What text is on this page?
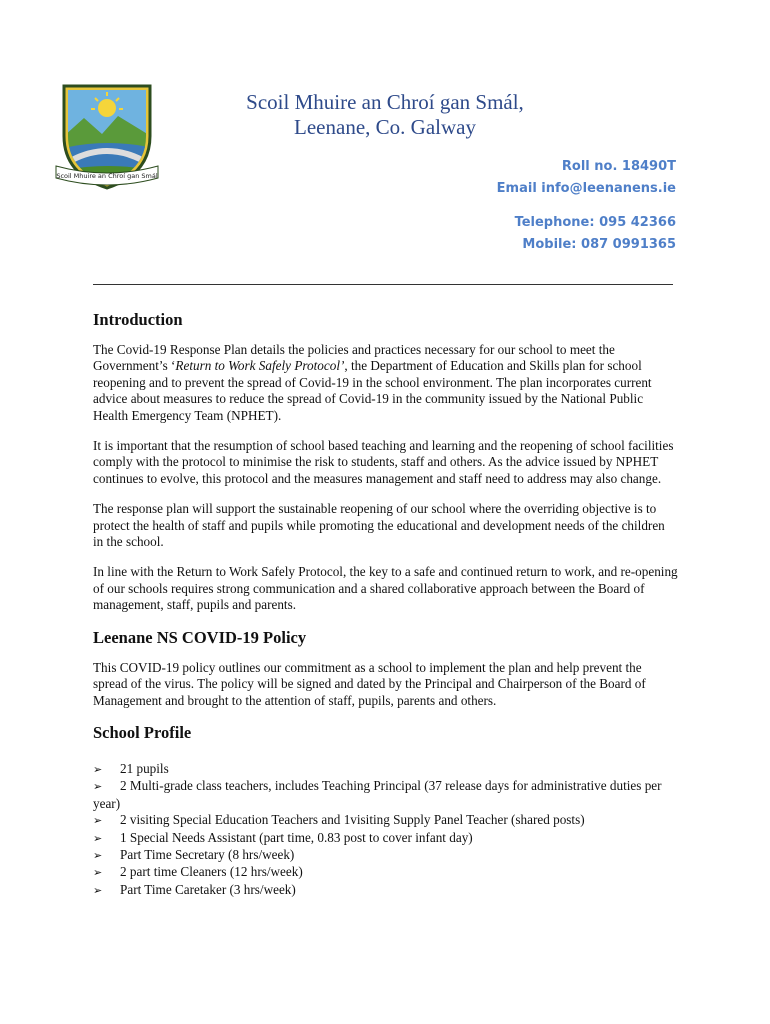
Scoil Mhuire an Chroí gan Smál
Scoil Mhuire an Chroí gan Smál,
Leenane, Co. Galway
Roll no. 18490T
Email info@leenanens.ie
Telephone: 095 42366
Mobile: 087 0991365
Introduction

The Covid-19 Response Plan details the policies and practices necessary for our school to meet the Government’s ‘Return to Work Safely Protocol’, the Department of Education and Skills plan for school reopening and to prevent the spread of Covid-19 in the school environment. The plan incorporates current advice about measures to reduce the spread of Covid-19 in the community issued by the National Public Health Emergency Team (NPHET).

It is important that the resumption of school based teaching and learning and the reopening of school facilities comply with the protocol to minimise the risk to students, staff and others. As the advice issued by NPHET continues to evolve, this protocol and the measures management and staff need to address may also change.

The response plan will support the sustainable reopening of our school where the overriding objective is to protect the health of staff and pupils while promoting the educational and development needs of the children in the school.

In line with the Return to Work Safely Protocol, the key to a safe and continued return to work, and re-opening of our schools requires strong communication and a shared collaborative approach between the Board of management, staff, pupils and parents.

Leenane NS COVID-19 Policy

This COVID-19 policy outlines our commitment as a school to implement the plan and help prevent the spread of the virus. The policy will be signed and dated by the Principal and Chairperson of the Board of Management and brought to the attention of staff, pupils, parents and others.

School Profile
➢ 21 pupils
➢ 2 Multi-grade class teachers, includes Teaching Principal (37 release days for administrative duties per year)
➢ 2 visiting Special Education Teachers and 1visiting Supply Panel Teacher (shared posts)
➢ 1 Special Needs Assistant (part time, 0.83 post to cover infant day)
➢ Part Time Secretary (8 hrs/week)
➢ 2 part time Cleaners (12 hrs/week)
➢ Part Time Caretaker (3 hrs/week)
